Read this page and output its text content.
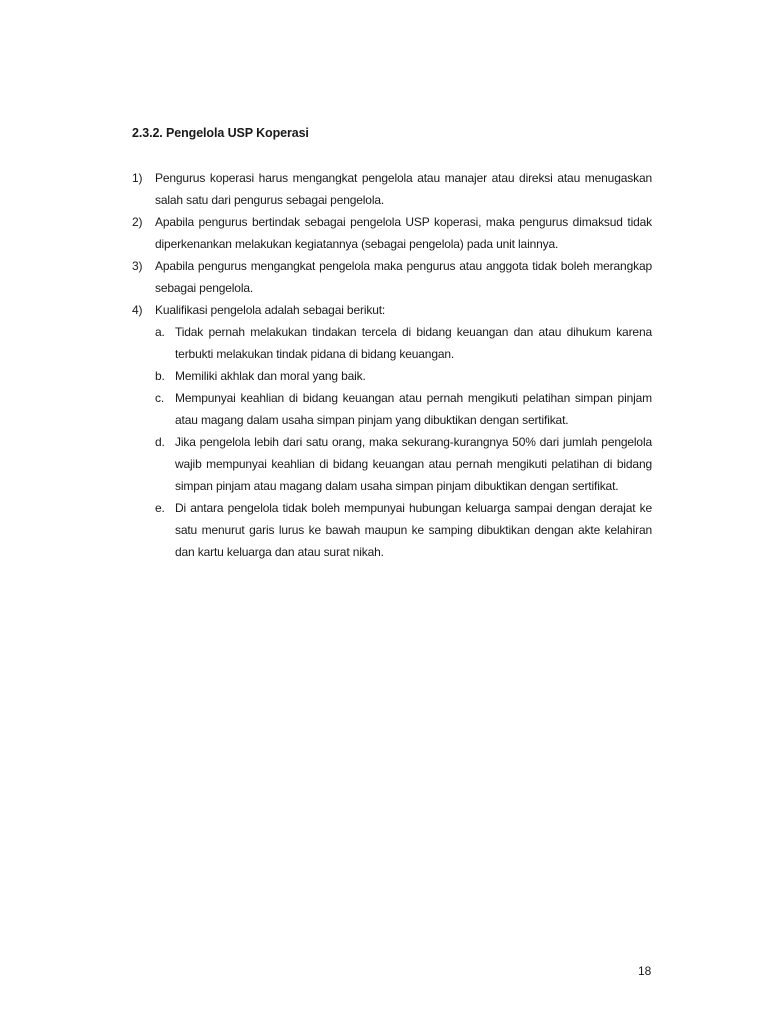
2.3.2. Pengelola USP Koperasi
1)	Pengurus koperasi harus mengangkat pengelola atau manajer atau direksi atau menugaskan salah satu dari pengurus sebagai pengelola.
2)	Apabila pengurus bertindak sebagai pengelola USP koperasi, maka pengurus dimaksud tidak diperkenankan melakukan kegiatannya (sebagai pengelola) pada unit lainnya.
3)	Apabila pengurus mengangkat pengelola maka pengurus atau anggota tidak boleh merangkap sebagai pengelola.
4)	Kualifikasi pengelola adalah sebagai berikut:
a. Tidak pernah melakukan tindakan tercela di bidang keuangan dan atau dihukum karena terbukti melakukan tindak pidana di bidang keuangan.
b. Memiliki akhlak dan moral yang baik.
c. Mempunyai keahlian di bidang keuangan atau pernah mengikuti pelatihan simpan pinjam atau magang dalam usaha simpan pinjam yang dibuktikan dengan sertifikat.
d. Jika pengelola lebih dari satu orang, maka sekurang-kurangnya 50% dari jumlah pengelola wajib mempunyai keahlian di bidang keuangan atau pernah mengikuti pelatihan di bidang simpan pinjam atau magang dalam usaha simpan pinjam dibuktikan dengan sertifikat.
e. Di antara pengelola tidak boleh mempunyai hubungan keluarga sampai dengan derajat ke satu menurut garis lurus ke bawah maupun ke samping dibuktikan dengan akte kelahiran dan kartu keluarga dan atau surat nikah.
18
